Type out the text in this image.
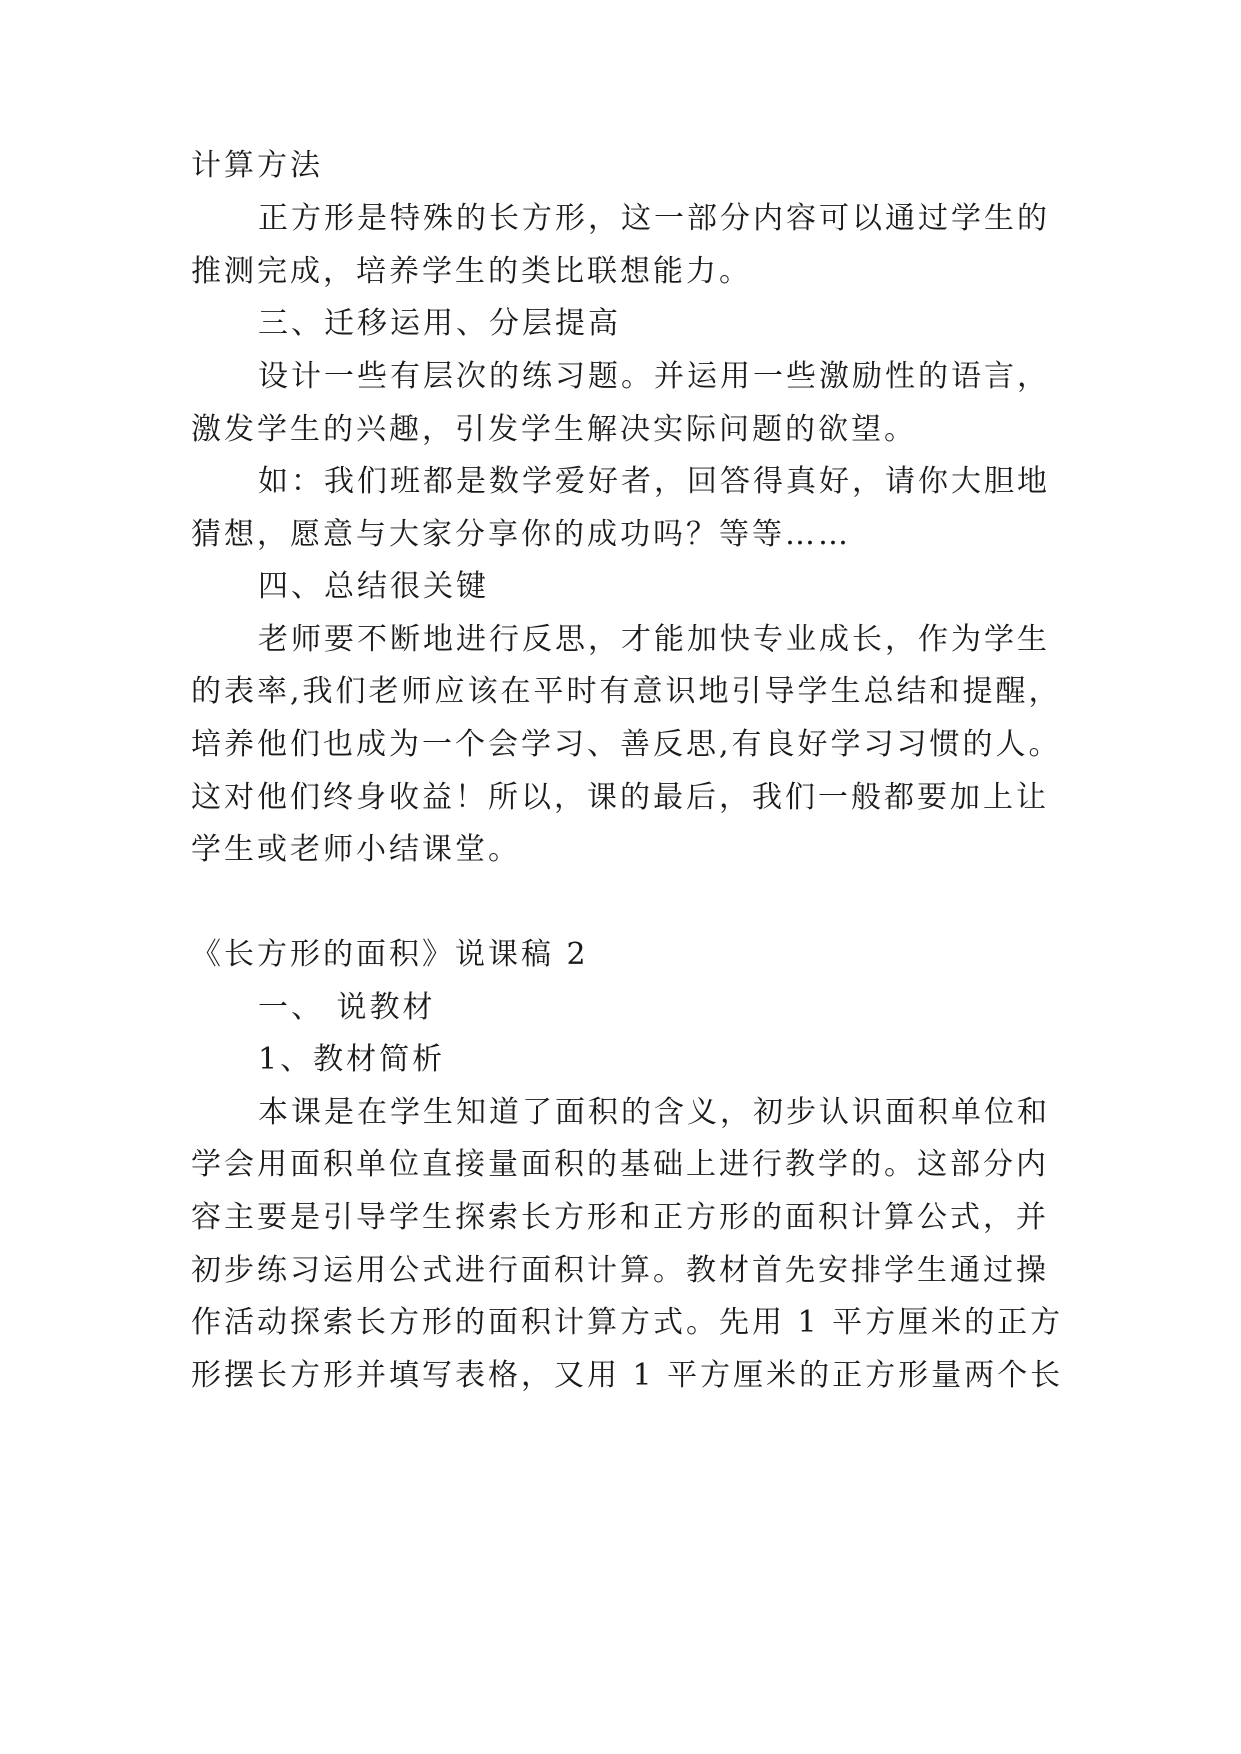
计算方法
正方形是特殊的长方形，这一部分内容可以通过学生的
推测完成，培养学生的类比联想能力。
三、迁移运用、分层提高
设计一些有层次的练习题。并运用一些激励性的语言，
激发学生的兴趣，引发学生解决实际问题的欲望。
如：我们班都是数学爱好者，回答得真好，请你大胆地
猜想，愿意与大家分享你的成功吗？等等……
四、总结很关键
老师要不断地进行反思，才能加快专业成长，作为学生
的表率,我们老师应该在平时有意识地引导学生总结和提醒，
培养他们也成为一个会学习、善反思,有良好学习习惯的人。
这对他们终身收益！所以，课的最后，我们一般都要加上让
学生或老师小结课堂。
《长方形的面积》说课稿 2
一、 说教材
1、教材简析
本课是在学生知道了面积的含义，初步认识面积单位和
学会用面积单位直接量面积的基础上进行教学的。这部分内
容主要是引导学生探索长方形和正方形的面积计算公式，并
初步练习运用公式进行面积计算。教材首先安排学生通过操
作活动探索长方形的面积计算方式。先用 1 平方厘米的正方
形摆长方形并填写表格，又用 1 平方厘米的正方形量两个长
